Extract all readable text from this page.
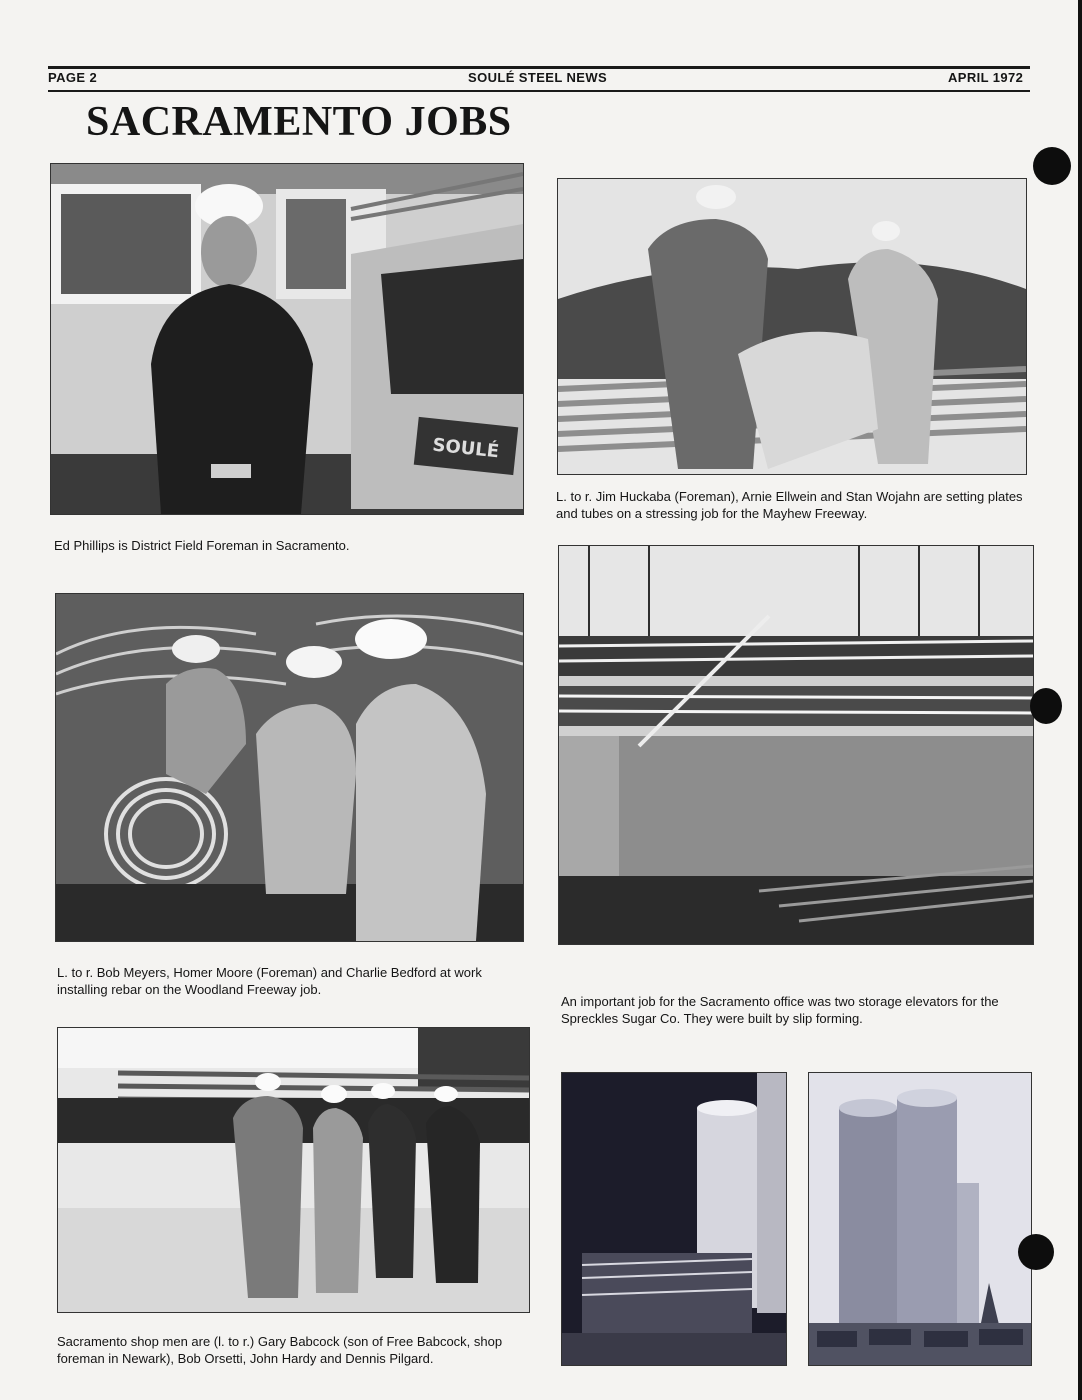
PAGE 2	SOULÉ STEEL NEWS	APRIL 1972
SACRAMENTO JOBS
SOULÉ

Ed Phillips is District Field Foreman in Sacramento.

L. to r. Jim Huckaba (Foreman), Arnie Ellwein and Stan Wojahn are setting plates and tubes on a stressing job for the Mayhew Freeway.

L. to r. Bob Meyers, Homer Moore (Foreman) and Charlie Bedford at work installing rebar on the Woodland Freeway job.

An important job for the Sacramento office was two storage elevators for the Spreckles Sugar Co. They were built by slip forming.

Sacramento shop men are (l. to r.) Gary Babcock (son of Free Babcock, shop foreman in Newark), Bob Orsetti, John Hardy and Dennis Pilgard.
